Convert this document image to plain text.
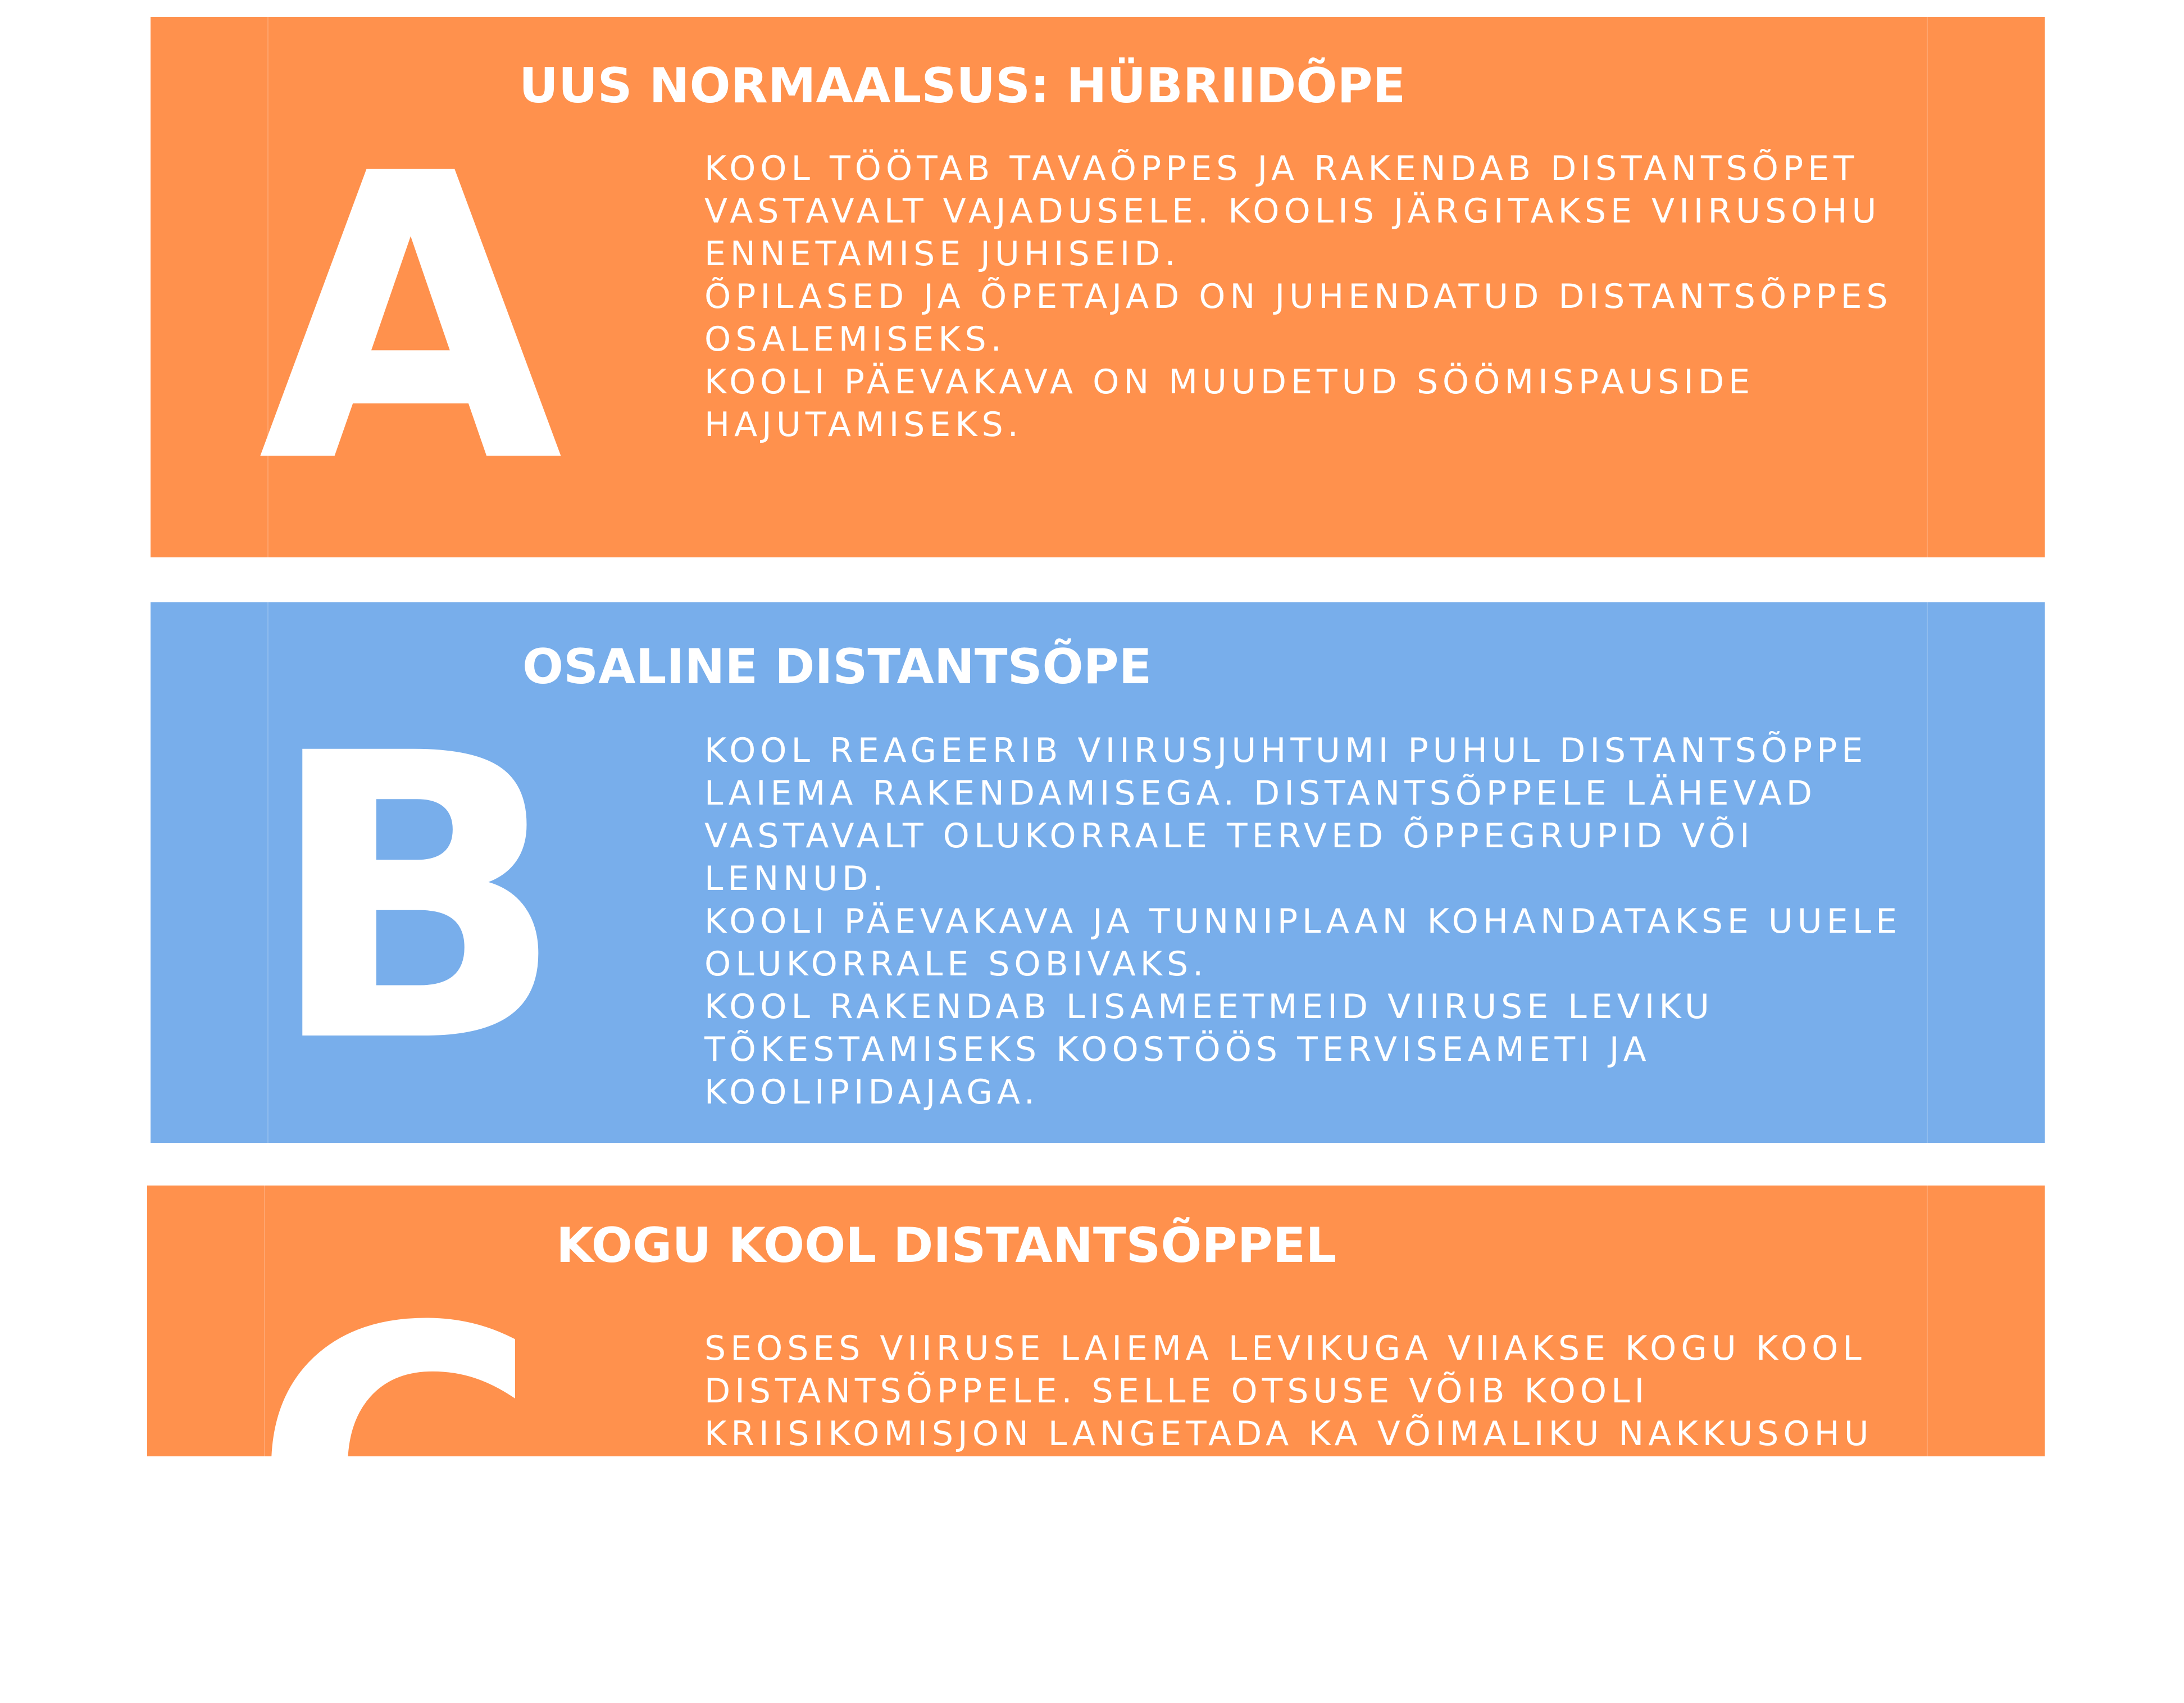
UUS NORMAALSUS: HÜBRIIDÕPE
A	KOOL TÖÖTAB TAVAÕPPES JA RAKENDAB DISTANTSÕPET VASTAVALT VAJADUSELE. KOOLIS JÄRGITAKSE VIIRUSOHU ENNETAMISE JUHISEID.

ÕPILASED JA ÕPETAJAD ON JUHENDATUD DISTANTSÕPPES OSALEMISEKS.

KOOLI PÄEVAKAVA ON MUUDETUD SÖÖMISPAUSIDE HAJUTAMISEKS.

OSALINE DISTANTSÕPE
B	KOOL REAGEERIB VIIRUSJUHTUMI PUHUL DISTANTSÕPPE LAIEMA RAKENDAMISEGA. DISTANTSÕPPELE LÄHEVAD VASTAVALT OLUKORRALE TERVED ÕPPEGRUPID VÕI LENNUD.

KOOLI PÄEVAKAVA JA TUNNIPLAAN KOHANDATAKSE UUELE OLUKORRALE SOBIVAKS.

KOOL RAKENDAB LISAMEETMEID VIIRUSE LEVIKU TÕKESTAMISEKS KOOSTÖÖS TERVISEAMETI JA KOOLIPIDAJAGA.

KOGU KOOL DISTANTSÕPPEL
C	SEOSES VIIRUSE LAIEMA LEVIKUGA VIIAKSE KOGU KOOL DISTANTSÕPPELE. SELLE OTSUSE VÕIB KOOLI KRIISIKOMISJON LANGETADA KA VÕIMALIKU NAKKUSOHU
